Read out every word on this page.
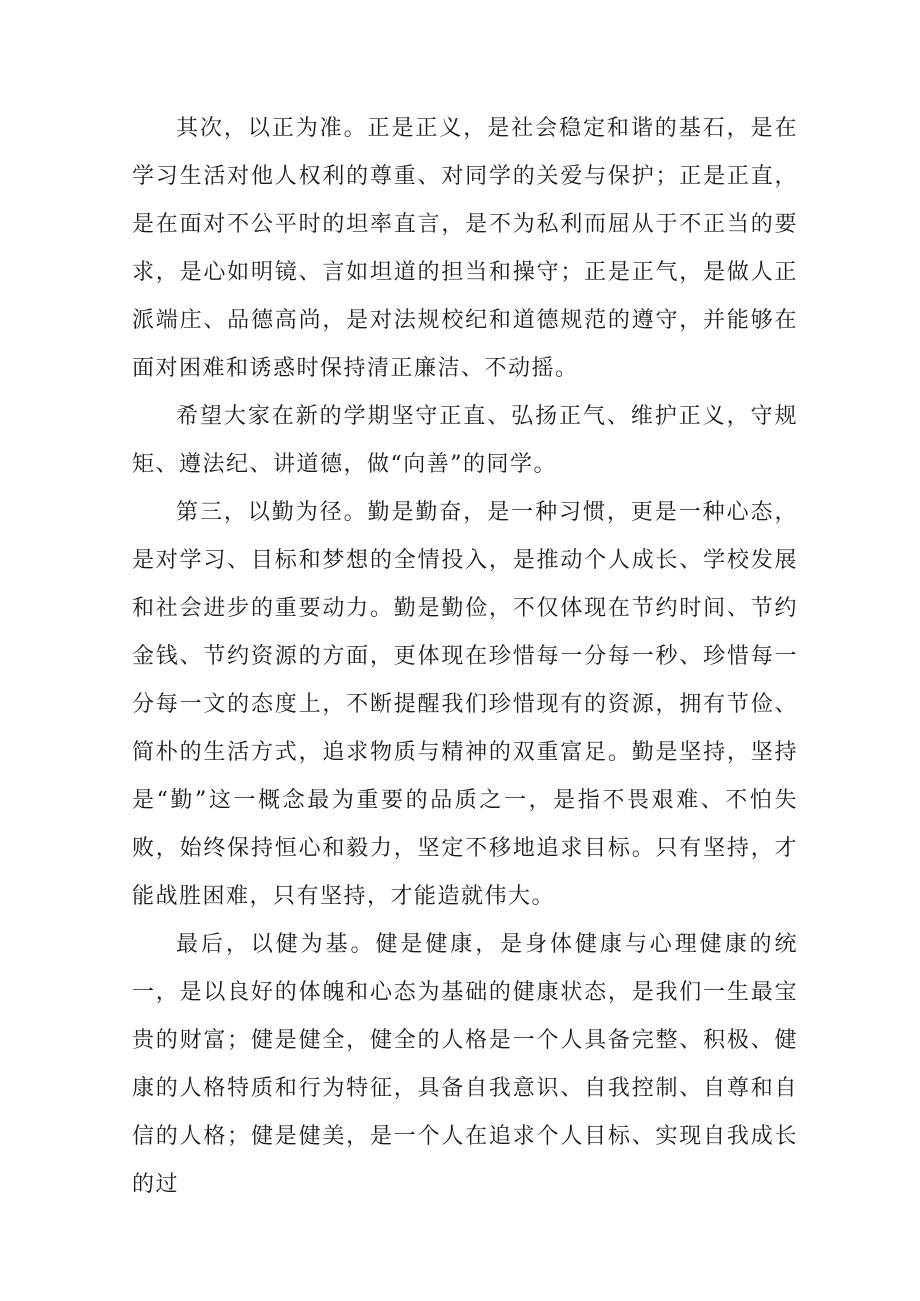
其次，以正为准。正是正义，是社会稳定和谐的基石，是在学习生活对他人权利的尊重、对同学的关爱与保护；正是正直，是在面对不公平时的坦率直言，是不为私利而屈从于不正当的要求，是心如明镜、言如坦道的担当和操守；正是正气，是做人正派端庄、品德高尚，是对法规校纪和道德规范的遵守，并能够在面对困难和诱惑时保持清正廉洁、不动摇。

希望大家在新的学期坚守正直、弘扬正气、维护正义，守规矩、遵法纪、讲道德，做“向善”的同学。

第三，以勤为径。勤是勤奋，是一种习惯，更是一种心态，是对学习、目标和梦想的全情投入，是推动个人成长、学校发展和社会进步的重要动力。勤是勤俭，不仅体现在节约时间、节约金钱、节约资源的方面，更体现在珍惜每一分每一秒、珍惜每一分每一文的态度上，不断提醒我们珍惜现有的资源，拥有节俭、简朴的生活方式，追求物质与精神的双重富足。勤是坚持，坚持是“勤”这一概念最为重要的品质之一，是指不畏艰难、不怕失败，始终保持恒心和毅力，坚定不移地追求目标。只有坚持，才能战胜困难，只有坚持，才能造就伟大。

最后，以健为基。健是健康，是身体健康与心理健康的统一，是以良好的体魄和心态为基础的健康状态，是我们一生最宝贵的财富；健是健全，健全的人格是一个人具备完整、积极、健康的人格特质和行为特征，具备自我意识、自我控制、自尊和自信的人格；健是健美，是一个人在追求个人目标、实现自我成长的过
